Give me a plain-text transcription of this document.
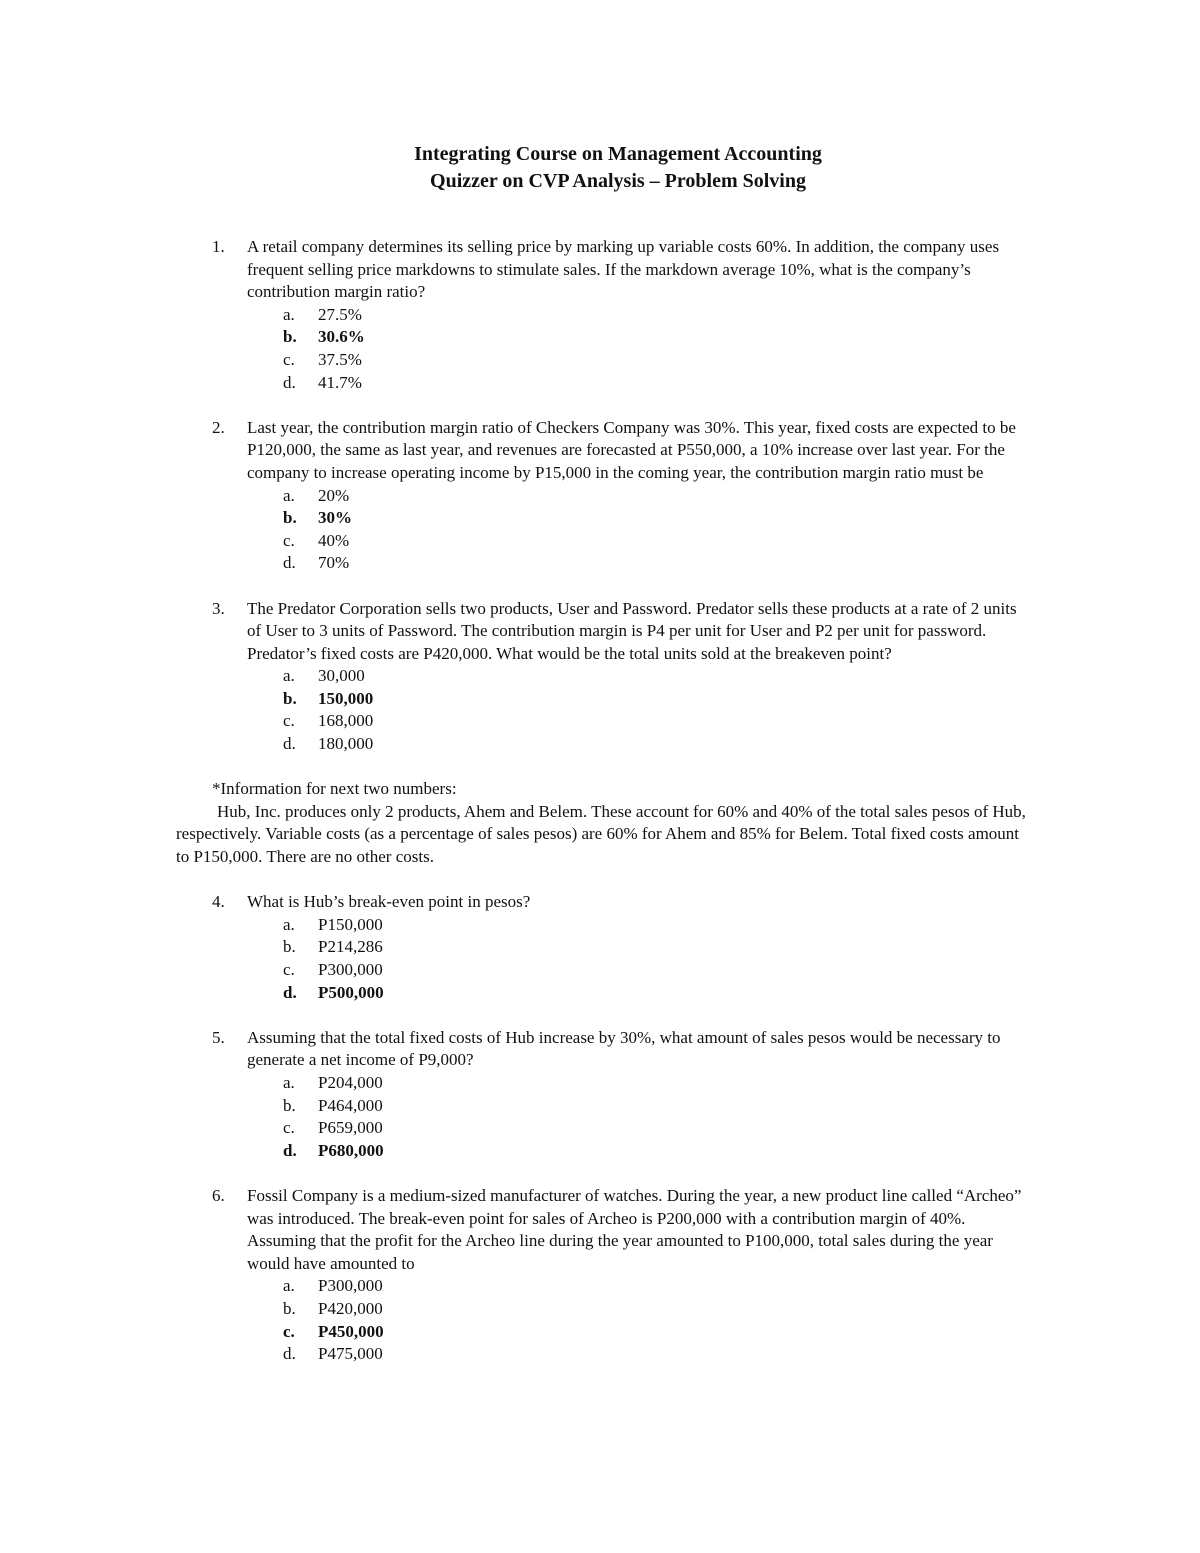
Integrating Course on Management Accounting
Quizzer on CVP Analysis – Problem Solving
1. A retail company determines its selling price by marking up variable costs 60%. In addition, the company uses frequent selling price markdowns to stimulate sales. If the markdown average 10%, what is the company’s contribution margin ratio?
a. 27.5%
b. 30.6%
c. 37.5%
d. 41.7%
2. Last year, the contribution margin ratio of Checkers Company was 30%. This year, fixed costs are expected to be P120,000, the same as last year, and revenues are forecasted at P550,000, a 10% increase over last year. For the company to increase operating income by P15,000 in the coming year, the contribution margin ratio must be
a. 20%
b. 30%
c. 40%
d. 70%
3. The Predator Corporation sells two products, User and Password. Predator sells these products at a rate of 2 units of User to 3 units of Password. The contribution margin is P4 per unit for User and P2 per unit for password. Predator’s fixed costs are P420,000. What would be the total units sold at the breakeven point?
a. 30,000
b. 150,000
c. 168,000
d. 180,000
*Information for next two numbers:
Hub, Inc. produces only 2 products, Ahem and Belem. These account for 60% and 40% of the total sales pesos of Hub, respectively. Variable costs (as a percentage of sales pesos) are 60% for Ahem and 85% for Belem. Total fixed costs amount to P150,000. There are no other costs.
4. What is Hub’s break-even point in pesos?
a. P150,000
b. P214,286
c. P300,000
d. P500,000
5. Assuming that the total fixed costs of Hub increase by 30%, what amount of sales pesos would be necessary to generate a net income of P9,000?
a. P204,000
b. P464,000
c. P659,000
d. P680,000
6. Fossil Company is a medium-sized manufacturer of watches. During the year, a new product line called “Archeo” was introduced. The break-even point for sales of Archeo is P200,000 with a contribution margin of 40%. Assuming that the profit for the Archeo line during the year amounted to P100,000, total sales during the year would have amounted to
a. P300,000
b. P420,000
c. P450,000
d. P475,000
